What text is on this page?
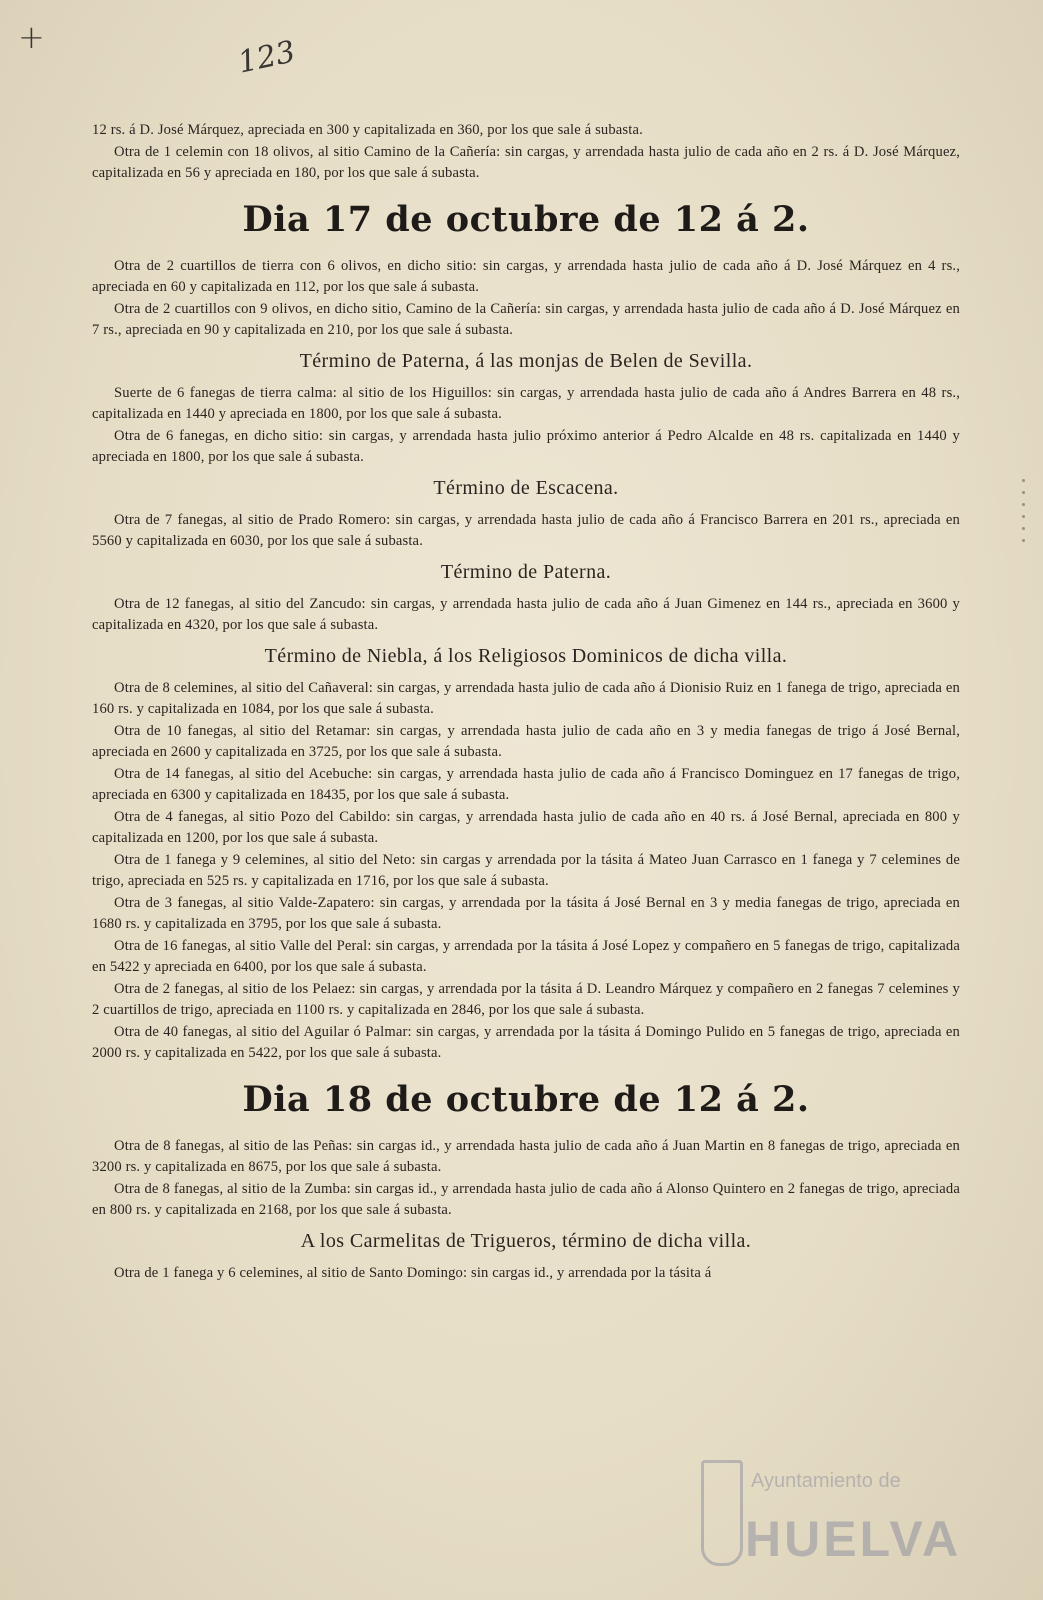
+	123

12 rs. á D. José Márquez, apreciada en 300 y capitalizada en 360, por los que sale á subasta.

Otra de 1 celemin con 18 olivos, al sitio Camino de la Cañería: sin cargas, y arrendada hasta julio de cada año en 2 rs. á D. José Márquez, capitalizada en 56 y apreciada en 180, por los que sale á subasta.

Dia 17 de octubre de 12 á 2.

Otra de 2 cuartillos de tierra con 6 olivos, en dicho sitio: sin cargas, y arrendada hasta julio de cada año á D. José Márquez en 4 rs., apreciada en 60 y capitalizada en 112, por los que sale á subasta.

Otra de 2 cuartillos con 9 olivos, en dicho sitio, Camino de la Cañería: sin cargas, y arrendada hasta julio de cada año á D. José Márquez en 7 rs., apreciada en 90 y capitalizada en 210, por los que sale á subasta.

Término de Paterna, á las monjas de Belen de Sevilla.

Suerte de 6 fanegas de tierra calma: al sitio de los Higuillos: sin cargas, y arrendada hasta julio de cada año á Andres Barrera en 48 rs., capitalizada en 1440 y apreciada en 1800, por los que sale á subasta.

Otra de 6 fanegas, en dicho sitio: sin cargas, y arrendada hasta julio próximo anterior á Pedro Alcalde en 48 rs. capitalizada en 1440 y apreciada en 1800, por los que sale á subasta.

Término de Escacena.

Otra de 7 fanegas, al sitio de Prado Romero: sin cargas, y arrendada hasta julio de cada año á Francisco Barrera en 201 rs., apreciada en 5560 y capitalizada en 6030, por los que sale á subasta.

Término de Paterna.

Otra de 12 fanegas, al sitio del Zancudo: sin cargas, y arrendada hasta julio de cada año á Juan Gimenez en 144 rs., apreciada en 3600 y capitalizada en 4320, por los que sale á subasta.

Término de Niebla, á los Religiosos Dominicos de dicha villa.

Otra de 8 celemines, al sitio del Cañaveral: sin cargas, y arrendada hasta julio de cada año á Dionisio Ruiz en 1 fanega de trigo, apreciada en 160 rs. y capitalizada en 1084, por los que sale á subasta.

Otra de 10 fanegas, al sitio del Retamar: sin cargas, y arrendada hasta julio de cada año en 3 y media fanegas de trigo á José Bernal, apreciada en 2600 y capitalizada en 3725, por los que sale á subasta.

Otra de 14 fanegas, al sitio del Acebuche: sin cargas, y arrendada hasta julio de cada año á Francisco Dominguez en 17 fanegas de trigo, apreciada en 6300 y capitalizada en 18435, por los que sale á subasta.

Otra de 4 fanegas, al sitio Pozo del Cabildo: sin cargas, y arrendada hasta julio de cada año en 40 rs. á José Bernal, apreciada en 800 y capitalizada en 1200, por los que sale á subasta.

Otra de 1 fanega y 9 celemines, al sitio del Neto: sin cargas y arrendada por la tásita á Mateo Juan Carrasco en 1 fanega y 7 celemines de trigo, apreciada en 525 rs. y capitalizada en 1716, por los que sale á subasta.

Otra de 3 fanegas, al sitio Valde-Zapatero: sin cargas, y arrendada por la tásita á José Bernal en 3 y media fanegas de trigo, apreciada en 1680 rs. y capitalizada en 3795, por los que sale á subasta.

Otra de 16 fanegas, al sitio Valle del Peral: sin cargas, y arrendada por la tásita á José Lopez y compañero en 5 fanegas de trigo, capitalizada en 5422 y apreciada en 6400, por los que sale á subasta.

Otra de 2 fanegas, al sitio de los Pelaez: sin cargas, y arrendada por la tásita á D. Leandro Márquez y compañero en 2 fanegas 7 celemines y 2 cuartillos de trigo, apreciada en 1100 rs. y capitalizada en 2846, por los que sale á subasta.

Otra de 40 fanegas, al sitio del Aguilar ó Palmar: sin cargas, y arrendada por la tásita á Domingo Pulido en 5 fanegas de trigo, apreciada en 2000 rs. y capitalizada en 5422, por los que sale á subasta.

Dia 18 de octubre de 12 á 2.

Otra de 8 fanegas, al sitio de las Peñas: sin cargas id., y arrendada hasta julio de cada año á Juan Martin en 8 fanegas de trigo, apreciada en 3200 rs. y capitalizada en 8675, por los que sale á subasta.

Otra de 8 fanegas, al sitio de la Zumba: sin cargas id., y arrendada hasta julio de cada año á Alonso Quintero en 2 fanegas de trigo, apreciada en 800 rs. y capitalizada en 2168, por los que sale á subasta.

A los Carmelitas de Trigueros, término de dicha villa.

Otra de 1 fanega y 6 celemines, al sitio de Santo Domingo: sin cargas id., y arrendada por la tásita á

Ayuntamiento de
HUELVA
